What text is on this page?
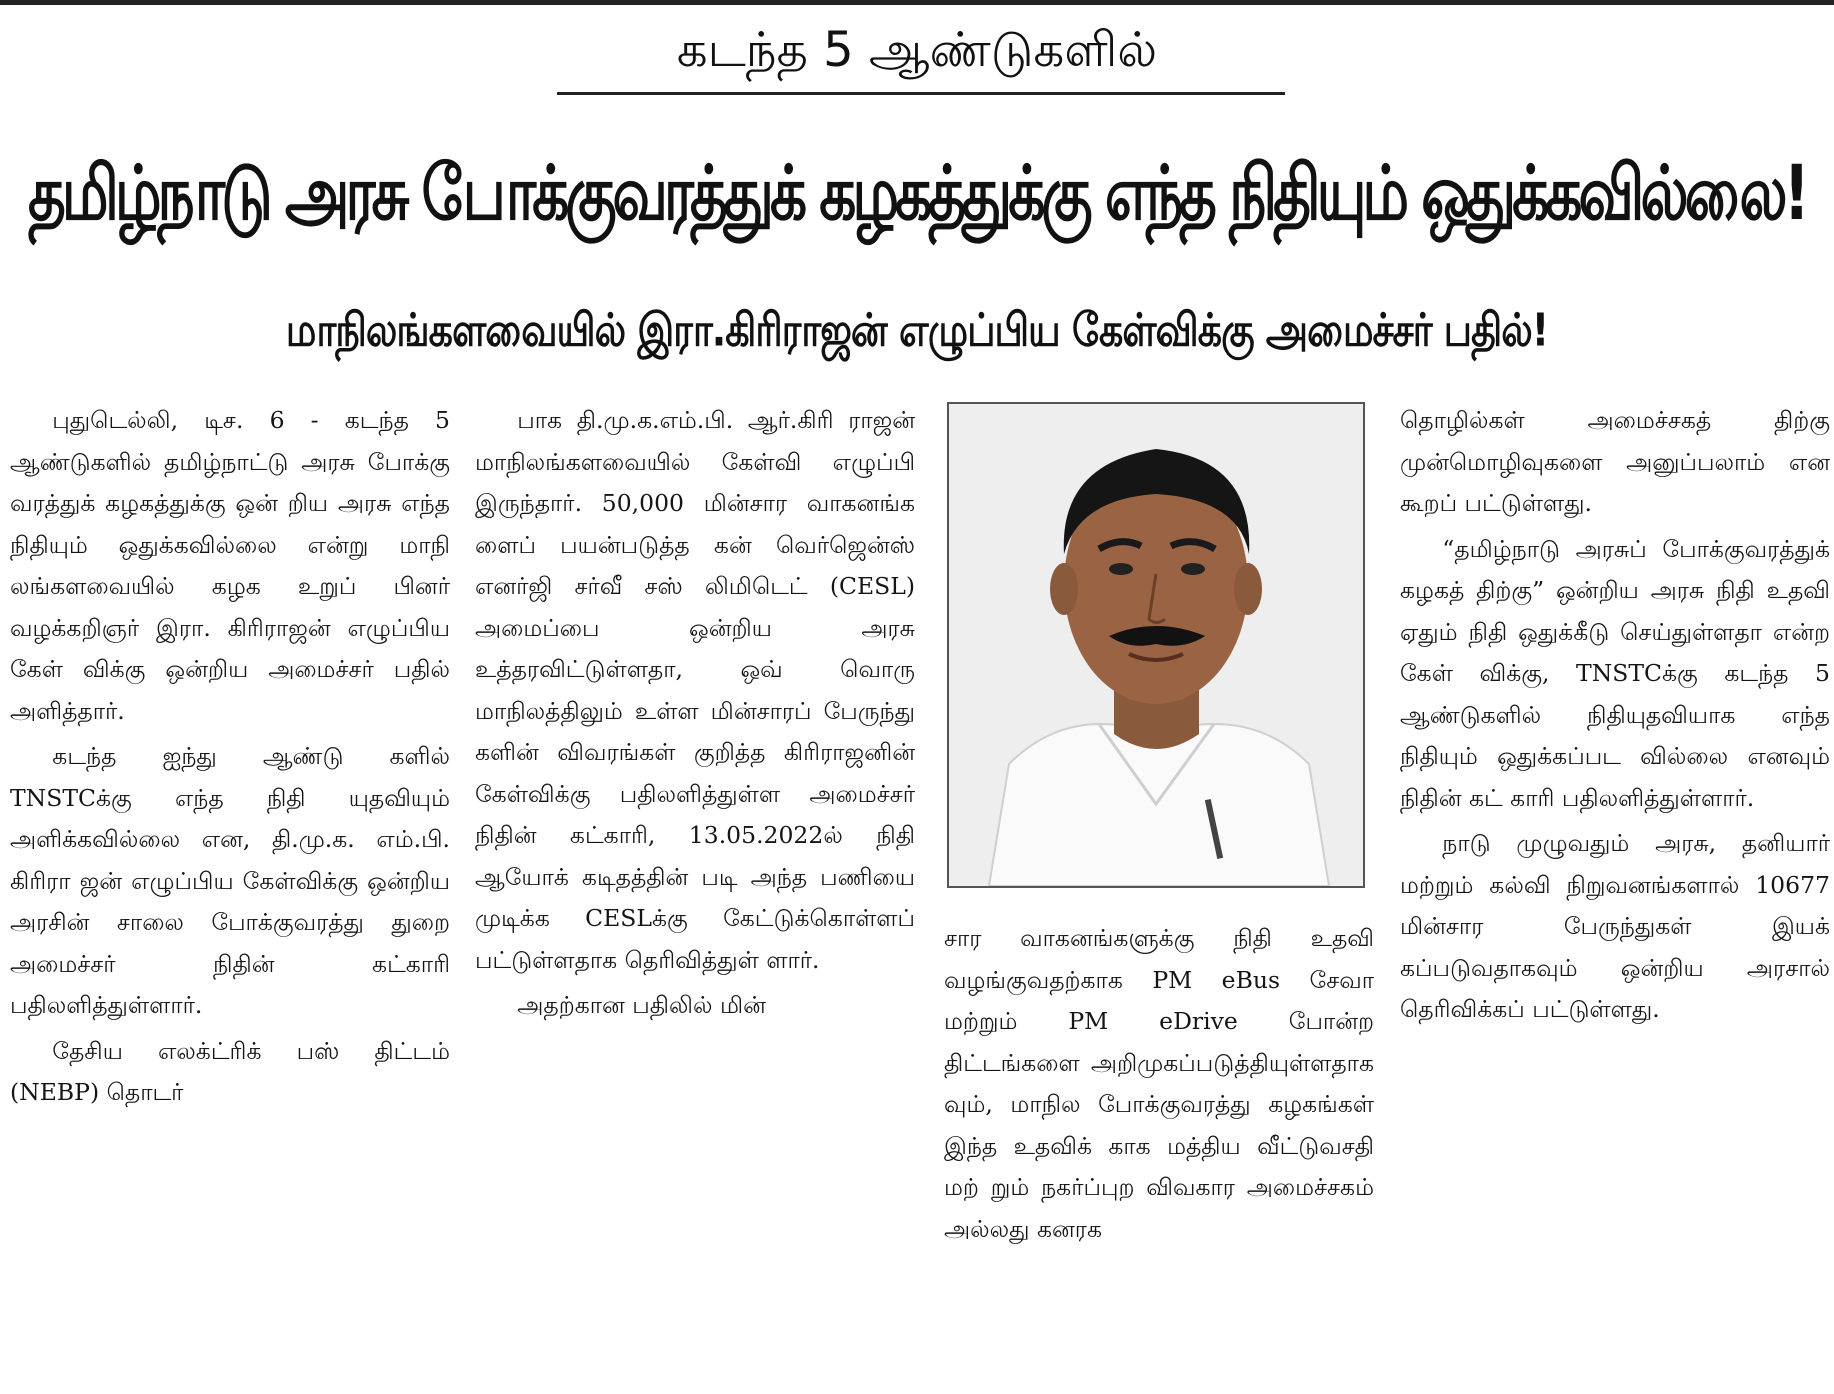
கடந்த 5 ஆண்டுகளில்
தமிழ்நாடு அரசு போக்குவரத்துக் கழகத்துக்கு எந்த நிதியும் ஒதுக்கவில்லை!
மாநிலங்களவையில் இரா.கிரிராஜன் எழுப்பிய கேள்விக்கு அமைச்சர் பதில்!

புதுடெல்லி, டிச. 6 - கடந்த 5 ஆண்டுகளில் தமிழ்நாட்டு அரசு போக்கு வரத்துக் கழகத்துக்கு ஒன் றிய அரசு எந்த நிதியும் ஒதுக்கவில்லை என்று மாநி லங்களவையில் கழக உறுப் பினர் வழக்கறிஞர் இரா. கிரிராஜன் எழுப்பிய கேள் விக்கு ஒன்றிய அமைச்சர் பதில் அளித்தார்.

கடந்த ஐந்து ஆண்டு களில் TNSTCக்கு எந்த நிதி யுதவியும் அளிக்கவில்லை என, தி.மு.க. எம்.பி. கிரிரா ஜன் எழுப்பிய கேள்விக்கு ஒன்றிய அரசின் சாலை போக்குவரத்து துறை அமைச்சர் நிதின் கட்காரி பதிலளித்துள்ளார்.

தேசிய எலக்ட்ரிக் பஸ் திட்டம் (NEBP) தொடர்

பாக தி.மு.க.எம்.பி. ஆர்.கிரி ராஜன் மாநிலங்களவையில் கேள்வி எழுப்பி இருந்தார். 50,000 மின்சார வாகனங்க ளைப் பயன்படுத்த கன் வெர்ஜென்ஸ் எனர்ஜி சர்வீ சஸ் லிமிடெட் (CESL) அமைப்பை ஒன்றிய அரசு உத்தரவிட்டுள்ளதா, ஒவ் வொரு மாநிலத்திலும் உள்ள மின்சாரப் பேருந்து களின் விவரங்கள் குறித்த கிரிராஜனின் கேள்விக்கு பதிலளித்துள்ள அமைச்சர் நிதின் கட்காரி, 13.05.2022ல் நிதி ஆயோக் கடிதத்தின் படி அந்த பணியை முடிக்க CESLக்கு கேட்டுக்கொள்ளப் பட்டுள்ளதாக தெரிவித்துள் ளார்.

அதற்கான பதிலில் மின்

சார வாகனங்களுக்கு நிதி உதவி வழங்குவதற்காக PM eBus சேவா மற்றும் PM eDrive போன்ற திட்டங்களை அறிமுகப்படுத்தியுள்ளதாக வும், மாநில போக்குவரத்து கழகங்கள் இந்த உதவிக் காக மத்திய வீட்டுவசதி மற் றும் நகர்ப்புற விவகார அமைச்சகம் அல்லது கனரக

தொழில்கள் அமைச்சகத் திற்கு முன்மொழிவுகளை அனுப்பலாம் என கூறப் பட்டுள்ளது.

“தமிழ்நாடு அரசுப் போக்குவரத்துக் கழகத் திற்கு” ஒன்றிய அரசு நிதி உதவி ஏதும் நிதி ஒதுக்கீடு செய்துள்ளதா என்ற கேள் விக்கு, TNSTCக்கு கடந்த 5 ஆண்டுகளில் நிதியுதவியாக எந்த நிதியும் ஒதுக்கப்பட வில்லை எனவும் நிதின் கட் காரி பதிலளித்துள்ளார்.

நாடு முழுவதும் அரசு, தனியார் மற்றும் கல்வி நிறுவனங்களால் 10677 மின்சார பேருந்துகள் இயக் கப்படுவதாகவும் ஒன்றிய அரசால் தெரிவிக்கப் பட்டுள்ளது.
